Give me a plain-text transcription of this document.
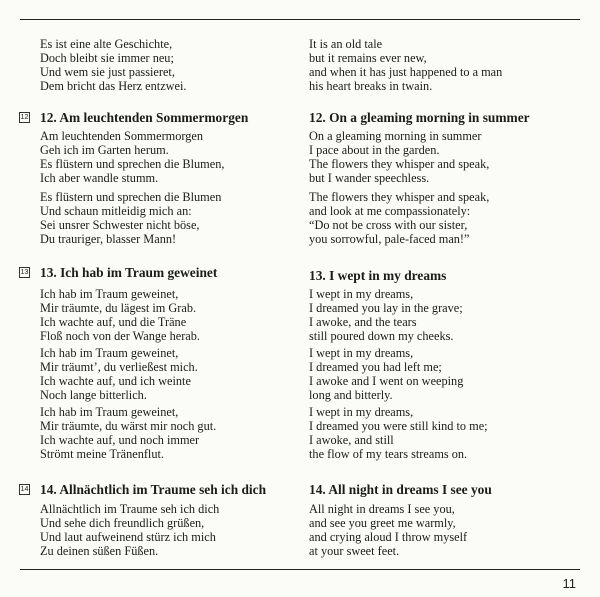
12
13
14
Es ist eine alte Geschichte,
Doch bleibt sie immer neu;
Und wem sie just passieret,
Dem bricht das Herz entzwei.
12. Am leuchtenden Sommermorgen
Am leuchtenden Sommermorgen
Geh ich im Garten herum.
Es flüstern und sprechen die Blumen,
Ich aber wandle stumm.
Es flüstern und sprechen die Blumen
Und schaun mitleidig mich an:
Sei unsrer Schwester nicht böse,
Du trauriger, blasser Mann!
13. Ich hab im Traum geweinet
Ich hab im Traum geweinet,
Mir träumte, du lägest im Grab.
Ich wachte auf, und die Träne
Floß noch von der Wange herab.
Ich hab im Traum geweinet,
Mir träumt’, du verließest mich.
Ich wachte auf, und ich weinte
Noch lange bitterlich.
Ich hab im Traum geweinet,
Mir träumte, du wärst mir noch gut.
Ich wachte auf, und noch immer
Strömt meine Tränenflut.
14. Allnächtlich im Traume seh ich dich
Allnächtlich im Traume seh ich dich
Und sehe dich freundlich grüßen,
Und laut aufweinend stürz ich mich
Zu deinen süßen Füßen.
It is an old tale
but it remains ever new,
and when it has just happened to a man
his heart breaks in twain.
12. On a gleaming morning in summer
On a gleaming morning in summer
I pace about in the garden.
The flowers they whisper and speak,
but I wander speechless.
The flowers they whisper and speak,
and look at me compassionately:
“Do not be cross with our sister,
you sorrowful, pale-faced man!”
13. I wept in my dreams
I wept in my dreams,
I dreamed you lay in the grave;
I awoke, and the tears
still poured down my cheeks.
I wept in my dreams,
I dreamed you had left me;
I awoke and I went on weeping
long and bitterly.
I wept in my dreams,
I dreamed you were still kind to me;
I awoke, and still
the flow of my tears streams on.
14. All night in dreams I see you
All night in dreams I see you,
and see you greet me warmly,
and crying aloud I throw myself
at your sweet feet.
11
